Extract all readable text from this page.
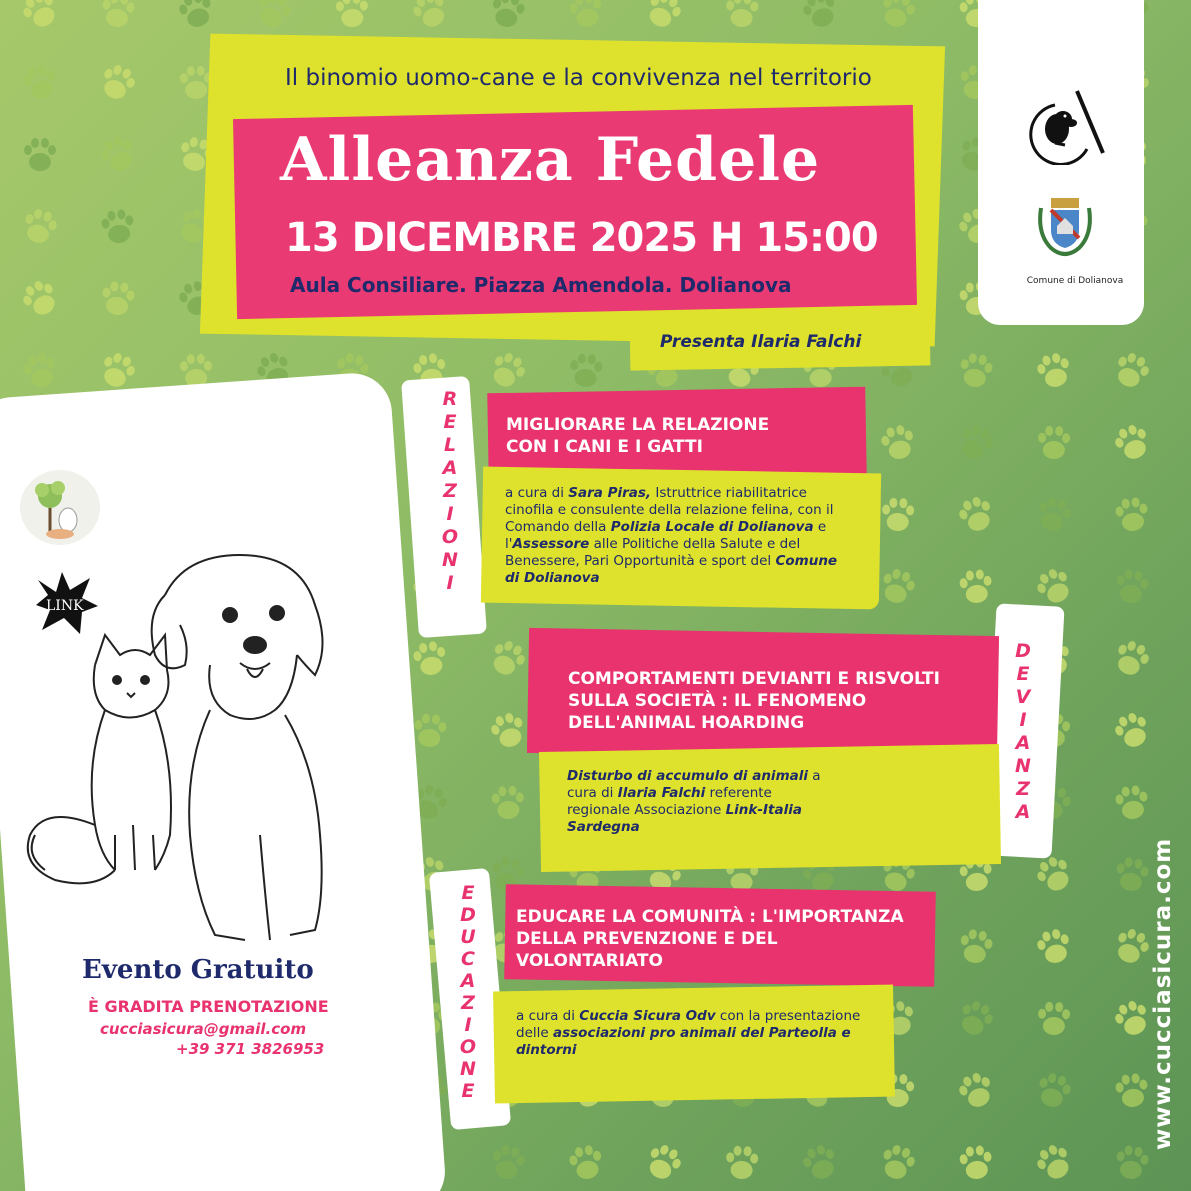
Il binomio uomo-cane e la convivenza nel territorio
Alleanza Fedele
13 DICEMBRE 2025 H 15:00
Aula Consiliare. Piazza Amendola. Dolianova
Presenta Ilaria Falchi
Comune di Dolianova
LINK
Evento Gratuito
È GRADITA PRENOTAZIONE
cucciasicura@gmail.com
+39 371 3826953
R
E
L
A
Z
I
O
N
I
MIGLIORARE LA RELAZIONE
CON I CANI E I GATTI
a cura di Sara Piras, Istruttrice riabilitatrice cinofila e consulente della relazione felina, con il Comando della Polizia Locale di Dolianova e l'Assessore alle Politiche della Salute e del Benessere, Pari Opportunità e sport del Comune di Dolianova
D
E
V
I
A
N
Z
A
COMPORTAMENTI DEVIANTI E RISVOLTI
SULLA SOCIETÀ : IL FENOMENO
DELL'ANIMAL HOARDING
Disturbo di accumulo di animali a cura di Ilaria Falchi referente regionale Associazione Link-Italia Sardegna
E
D
U
C
A
Z
I
O
N
E
EDUCARE LA COMUNITÀ : L'IMPORTANZA
DELLA PREVENZIONE E DEL
VOLONTARIATO
a cura di Cuccia Sicura Odv con la presentazione delle associazioni pro animali del Parteolla e dintorni	www.cucciasicura.com
